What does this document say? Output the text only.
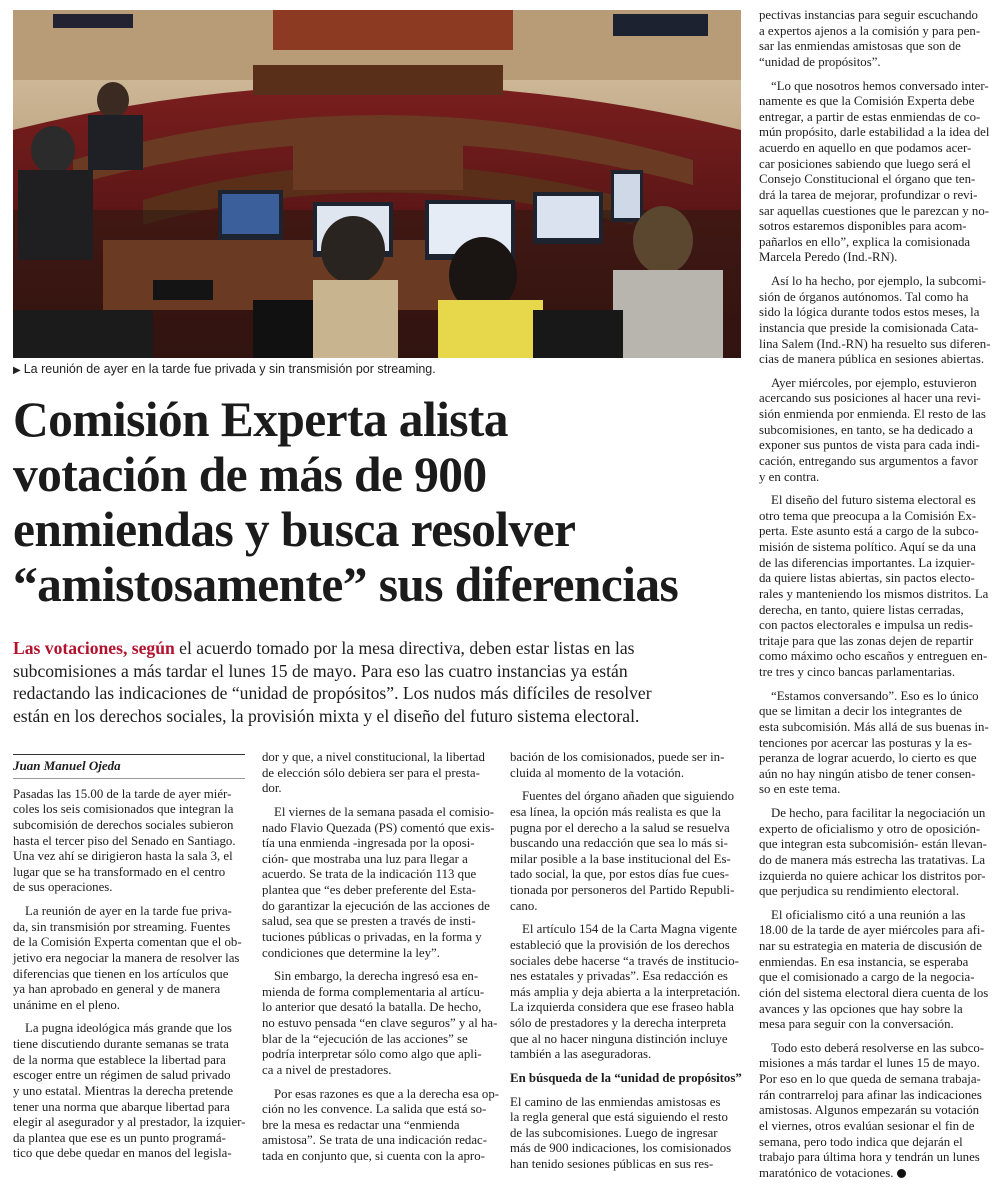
▶ La reunión de ayer en la tarde fue privada y sin transmisión por streaming.
Comisión Experta alista
votación de más de 900
enmiendas y busca resolver
“amistosamente” sus diferencias

Las votaciones, según el acuerdo tomado por la mesa directiva, deben estar listas en las
subcomisiones a más tardar el lunes 15 de mayo. Para eso las cuatro instancias ya están
redactando las indicaciones de “unidad de propósitos”. Los nudos más difíciles de resolver
están en los derechos sociales, la provisión mixta y el diseño del futuro sistema electoral.

Juan Manuel Ojeda

Pasadas las 15.00 de la tarde de ayer miér-
coles los seis comisionados que integran la
subcomisión de derechos sociales subieron
hasta el tercer piso del Senado en Santiago.
Una vez ahí se dirigieron hasta la sala 3, el
lugar que se ha transformado en el centro
de sus operaciones.

La reunión de ayer en la tarde fue priva-
da, sin transmisión por streaming. Fuentes
de la Comisión Experta comentan que el ob-
jetivo era negociar la manera de resolver las
diferencias que tienen en los artículos que
ya han aprobado en general y de manera
unánime en el pleno.

La pugna ideológica más grande que los
tiene discutiendo durante semanas se trata
de la norma que establece la libertad para
escoger entre un régimen de salud privado
y uno estatal. Mientras la derecha pretende
tener una norma que abarque libertad para
elegir al asegurador y al prestador, la izquier-
da plantea que ese es un punto programá-
tico que debe quedar en manos del legisla-

dor y que, a nivel constitucional, la libertad
de elección sólo debiera ser para el presta-
dor.

El viernes de la semana pasada el comisio-
nado Flavio Quezada (PS) comentó que exis-
tía una enmienda -ingresada por la oposi-
ción- que mostraba una luz para llegar a
acuerdo. Se trata de la indicación 113 que
plantea que “es deber preferente del Esta-
do garantizar la ejecución de las acciones de
salud, sea que se presten a través de insti-
tuciones públicas o privadas, en la forma y
condiciones que determine la ley”.

Sin embargo, la derecha ingresó esa en-
mienda de forma complementaria al artícu-
lo anterior que desató la batalla. De hecho,
no estuvo pensada “en clave seguros” y al ha-
blar de la “ejecución de las acciones” se
podría interpretar sólo como algo que apli-
ca a nivel de prestadores.

Por esas razones es que a la derecha esa op-
ción no les convence. La salida que está so-
bre la mesa es redactar una “enmienda
amistosa”. Se trata de una indicación redac-
tada en conjunto que, si cuenta con la apro-

bación de los comisionados, puede ser in-
cluida al momento de la votación.

Fuentes del órgano añaden que siguiendo
esa línea, la opción más realista es que la
pugna por el derecho a la salud se resuelva
buscando una redacción que sea lo más si-
milar posible a la base institucional del Es-
tado social, la que, por estos días fue cues-
tionada por personeros del Partido Republi-
cano.

El artículo 154 de la Carta Magna vigente
estableció que la provisión de los derechos
sociales debe hacerse “a través de institucio-
nes estatales y privadas”. Esa redacción es
más amplia y deja abierta a la interpretación.
La izquierda considera que ese fraseo habla
sólo de prestadores y la derecha interpreta
que al no hacer ninguna distinción incluye
también a las aseguradoras.

En búsqueda de la “unidad de propósitos”

El camino de las enmiendas amistosas es
la regla general que está siguiendo el resto
de las subcomisiones. Luego de ingresar
más de 900 indicaciones, los comisionados
han tenido sesiones públicas en sus res-

pectivas instancias para seguir escuchando
a expertos ajenos a la comisión y para pen-
sar las enmiendas amistosas que son de
“unidad de propósitos”.

“Lo que nosotros hemos conversado inter-
namente es que la Comisión Experta debe
entregar, a partir de estas enmiendas de co-
mún propósito, darle estabilidad a la idea del
acuerdo en aquello en que podamos acer-
car posiciones sabiendo que luego será el
Consejo Constitucional el órgano que ten-
drá la tarea de mejorar, profundizar o revi-
sar aquellas cuestiones que le parezcan y no-
sotros estaremos disponibles para acom-
pañarlos en ello”, explica la comisionada
Marcela Peredo (Ind.-RN).

Así lo ha hecho, por ejemplo, la subcomi-
sión de órganos autónomos. Tal como ha
sido la lógica durante todos estos meses, la
instancia que preside la comisionada Cata-
lina Salem (Ind.-RN) ha resuelto sus diferen-
cias de manera pública en sesiones abiertas.

Ayer miércoles, por ejemplo, estuvieron
acercando sus posiciones al hacer una revi-
sión enmienda por enmienda. El resto de las
subcomisiones, en tanto, se ha dedicado a
exponer sus puntos de vista para cada indi-
cación, entregando sus argumentos a favor
y en contra.

El diseño del futuro sistema electoral es
otro tema que preocupa a la Comisión Ex-
perta. Este asunto está a cargo de la subco-
misión de sistema político. Aquí se da una
de las diferencias importantes. La izquier-
da quiere listas abiertas, sin pactos electo-
rales y manteniendo los mismos distritos. La
derecha, en tanto, quiere listas cerradas,
con pactos electorales e impulsa un redis-
tritaje para que las zonas dejen de repartir
como máximo ocho escaños y entreguen en-
tre tres y cinco bancas parlamentarias.

“Estamos conversando”. Eso es lo único
que se limitan a decir los integrantes de
esta subcomisión. Más allá de sus buenas in-
tenciones por acercar las posturas y la es-
peranza de lograr acuerdo, lo cierto es que
aún no hay ningún atisbo de tener consen-
so en este tema.

De hecho, para facilitar la negociación un
experto de oficialismo y otro de oposición-
que integran esta subcomisión- están llevan-
do de manera más estrecha las tratativas. La
izquierda no quiere achicar los distritos por-
que perjudica su rendimiento electoral.

El oficialismo citó a una reunión a las
18.00 de la tarde de ayer miércoles para afi-
nar su estrategia en materia de discusión de
enmiendas. En esa instancia, se esperaba
que el comisionado a cargo de la negocia-
ción del sistema electoral diera cuenta de los
avances y las opciones que hay sobre la
mesa para seguir con la conversación.

Todo esto deberá resolverse en las subco-
misiones a más tardar el lunes 15 de mayo.
Por eso en lo que queda de semana trabaja-
rán contrarreloj para afinar las indicaciones
amistosas. Algunos empezarán su votación
el viernes, otros evalúan sesionar el fin de
semana, pero todo indica que dejarán el
trabajo para última hora y tendrán un lunes
maratónico de votaciones.
